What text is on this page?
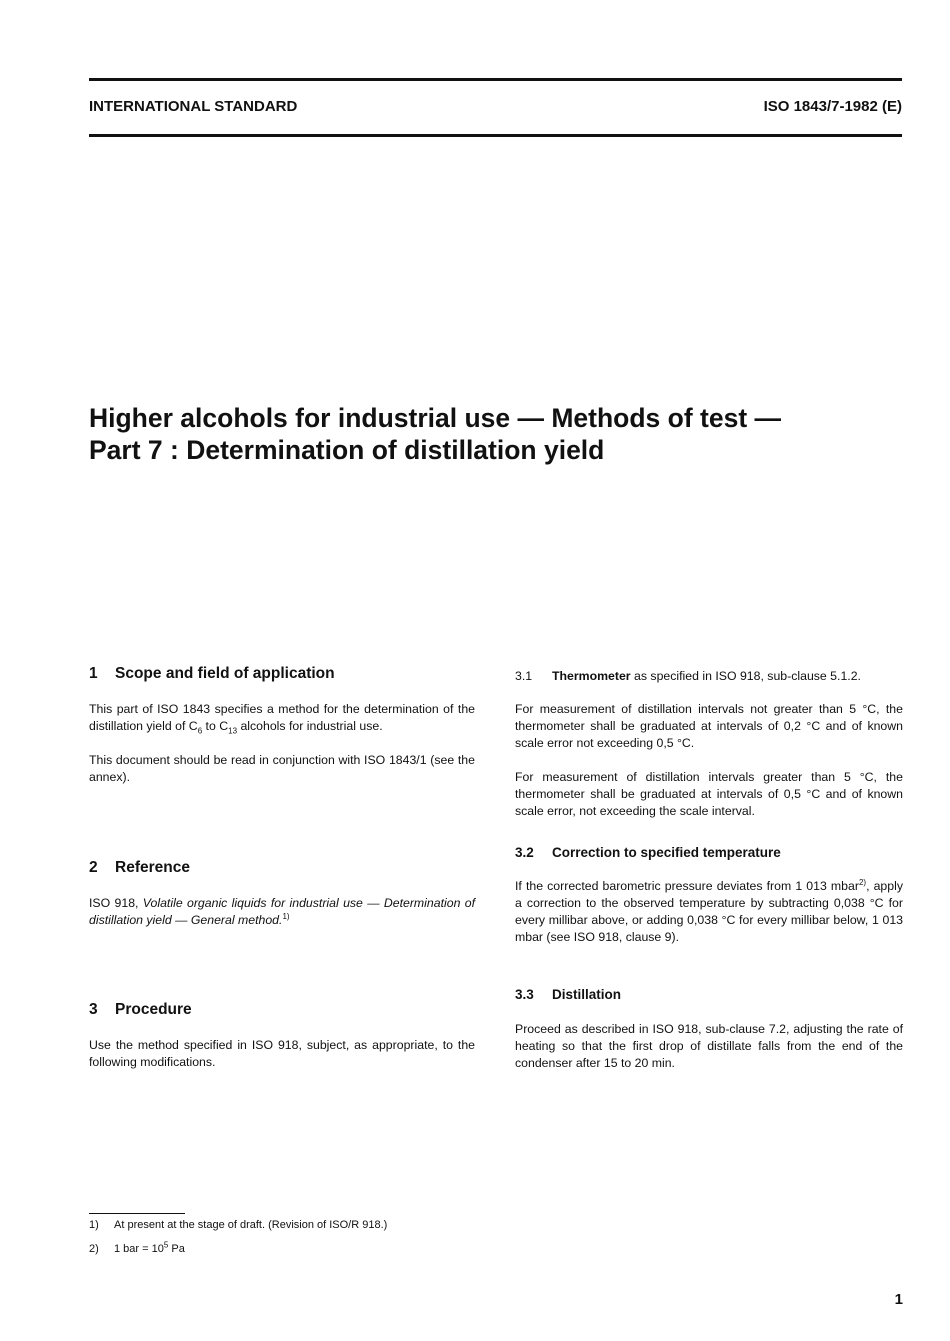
INTERNATIONAL STANDARD	ISO 1843/7-1982 (E)
Higher alcohols for industrial use — Methods of test —
Part 7 : Determination of distillation yield
1 Scope and field of application
This part of ISO 1843 specifies a method for the determination of the distillation yield of $C_6$ to $C_{13}$ alcohols for industrial use.
This document should be read in conjunction with ISO 1843/1 (see the annex).
2 Reference
ISO 918, Volatile organic liquids for industrial use — Determination of distillation yield — General method.$^{1)}$
3 Procedure
Use the method specified in ISO 918, subject, as appropriate, to the following modifications.
3.1 Thermometer as specified in ISO 918, sub-clause 5.1.2.
For measurement of distillation intervals not greater than 5 °C, the thermometer shall be graduated at intervals of 0,2 °C and of known scale error not exceeding 0,5 °C.
For measurement of distillation intervals greater than 5 °C, the thermometer shall be graduated at intervals of 0,5 °C and of known scale error, not exceeding the scale interval.
3.2 Correction to specified temperature
If the corrected barometric pressure deviates from 1 013 mbar$^{2)}$, apply a correction to the observed temperature by subtracting 0,038 °C for every millibar above, or adding 0,038 °C for every millibar below, 1 013 mbar (see ISO 918, clause 9).
3.3 Distillation
Proceed as described in ISO 918, sub-clause 7.2, adjusting the rate of heating so that the first drop of distillate falls from the end of the condenser after 15 to 20 min.
1) At present at the stage of draft. (Revision of ISO/R 918.)
2) 1 bar = $10^5$ Pa
1
